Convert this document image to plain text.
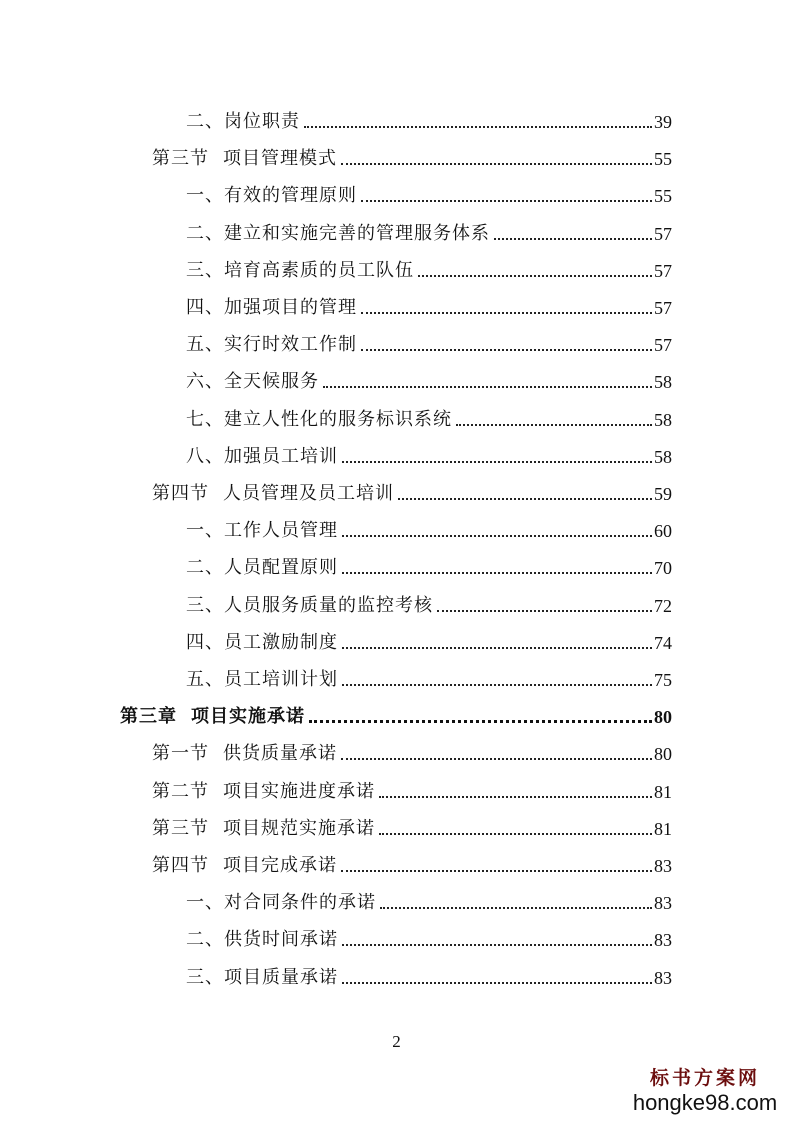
二、岗位职责	39
第三节 项目管理模式	55
一、有效的管理原则	55
二、建立和实施完善的管理服务体系	57
三、培育高素质的员工队伍	57
四、加强项目的管理	57
五、实行时效工作制	57
六、全天候服务	58
七、建立人性化的服务标识系统	58
八、加强员工培训	58
第四节 人员管理及员工培训	59
一、工作人员管理	60
二、人员配置原则	70
三、人员服务质量的监控考核	72
四、员工激励制度	74
五、员工培训计划	75
第三章 项目实施承诺	80
第一节 供货质量承诺	80
第二节 项目实施进度承诺	81
第三节 项目规范实施承诺	81
第四节 项目完成承诺	83
一、对合同条件的承诺	83
二、供货时间承诺	83
三、项目质量承诺	83
2
标书方案网
hongke98.com
